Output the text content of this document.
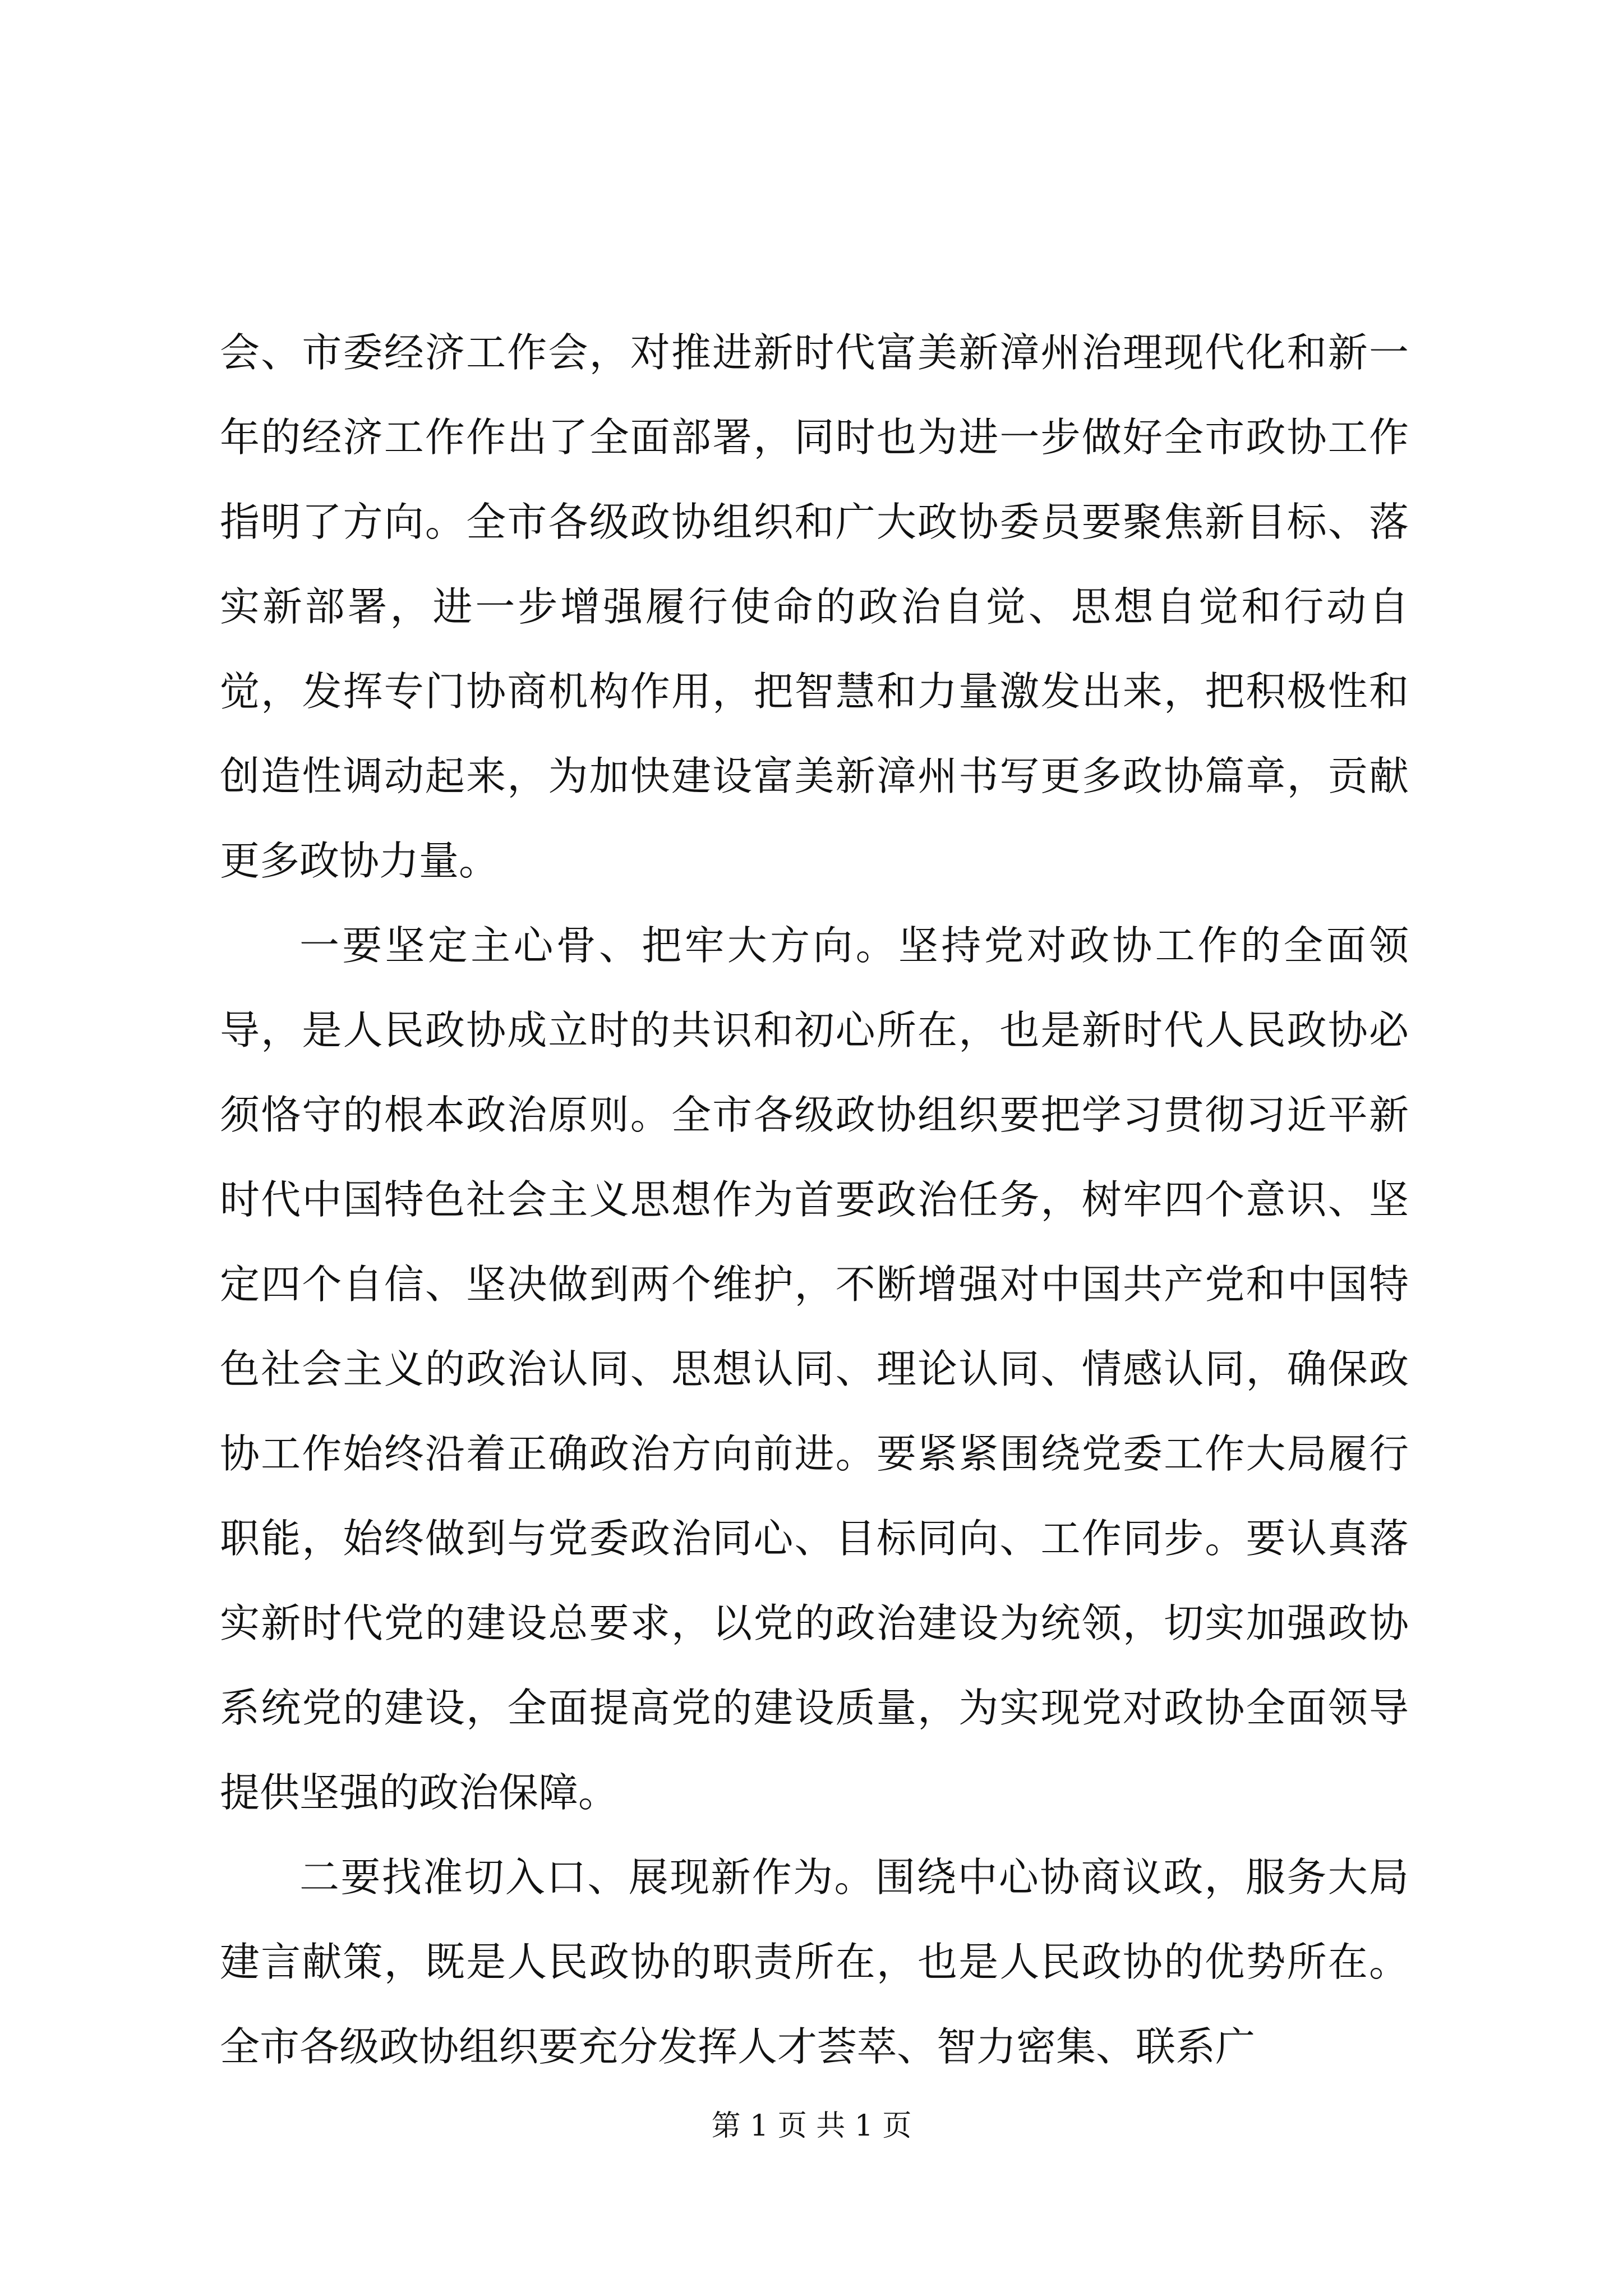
会、市委经济工作会，对推进新时代富美新漳州治理现代化和新一年的经济工作作出了全面部署，同时也为进一步做好全市政协工作指明了方向。全市各级政协组织和广大政协委员要聚焦新目标、落实新部署，进一步增强履行使命的政治自觉、思想自觉和行动自觉，发挥专门协商机构作用，把智慧和力量激发出来，把积极性和创造性调动起来，为加快建设富美新漳州书写更多政协篇章，贡献更多政协力量。

一要坚定主心骨、把牢大方向。坚持党对政协工作的全面领导，是人民政协成立时的共识和初心所在，也是新时代人民政协必须恪守的根本政治原则。全市各级政协组织要把学习贯彻习近平新时代中国特色社会主义思想作为首要政治任务，树牢四个意识、坚定四个自信、坚决做到两个维护，不断增强对中国共产党和中国特色社会主义的政治认同、思想认同、理论认同、情感认同，确保政协工作始终沿着正确政治方向前进。要紧紧围绕党委工作大局履行职能，始终做到与党委政治同心、目标同向、工作同步。要认真落实新时代党的建设总要求，以党的政治建设为统领，切实加强政协系统党的建设，全面提高党的建设质量，为实现党对政协全面领导提供坚强的政治保障。

二要找准切入口、展现新作为。围绕中心协商议政，服务大局建言献策，既是人民政协的职责所在，也是人民政协的优势所在。全市各级政协组织要充分发挥人才荟萃、智力密集、联系广

第 1 页 共 1 页
